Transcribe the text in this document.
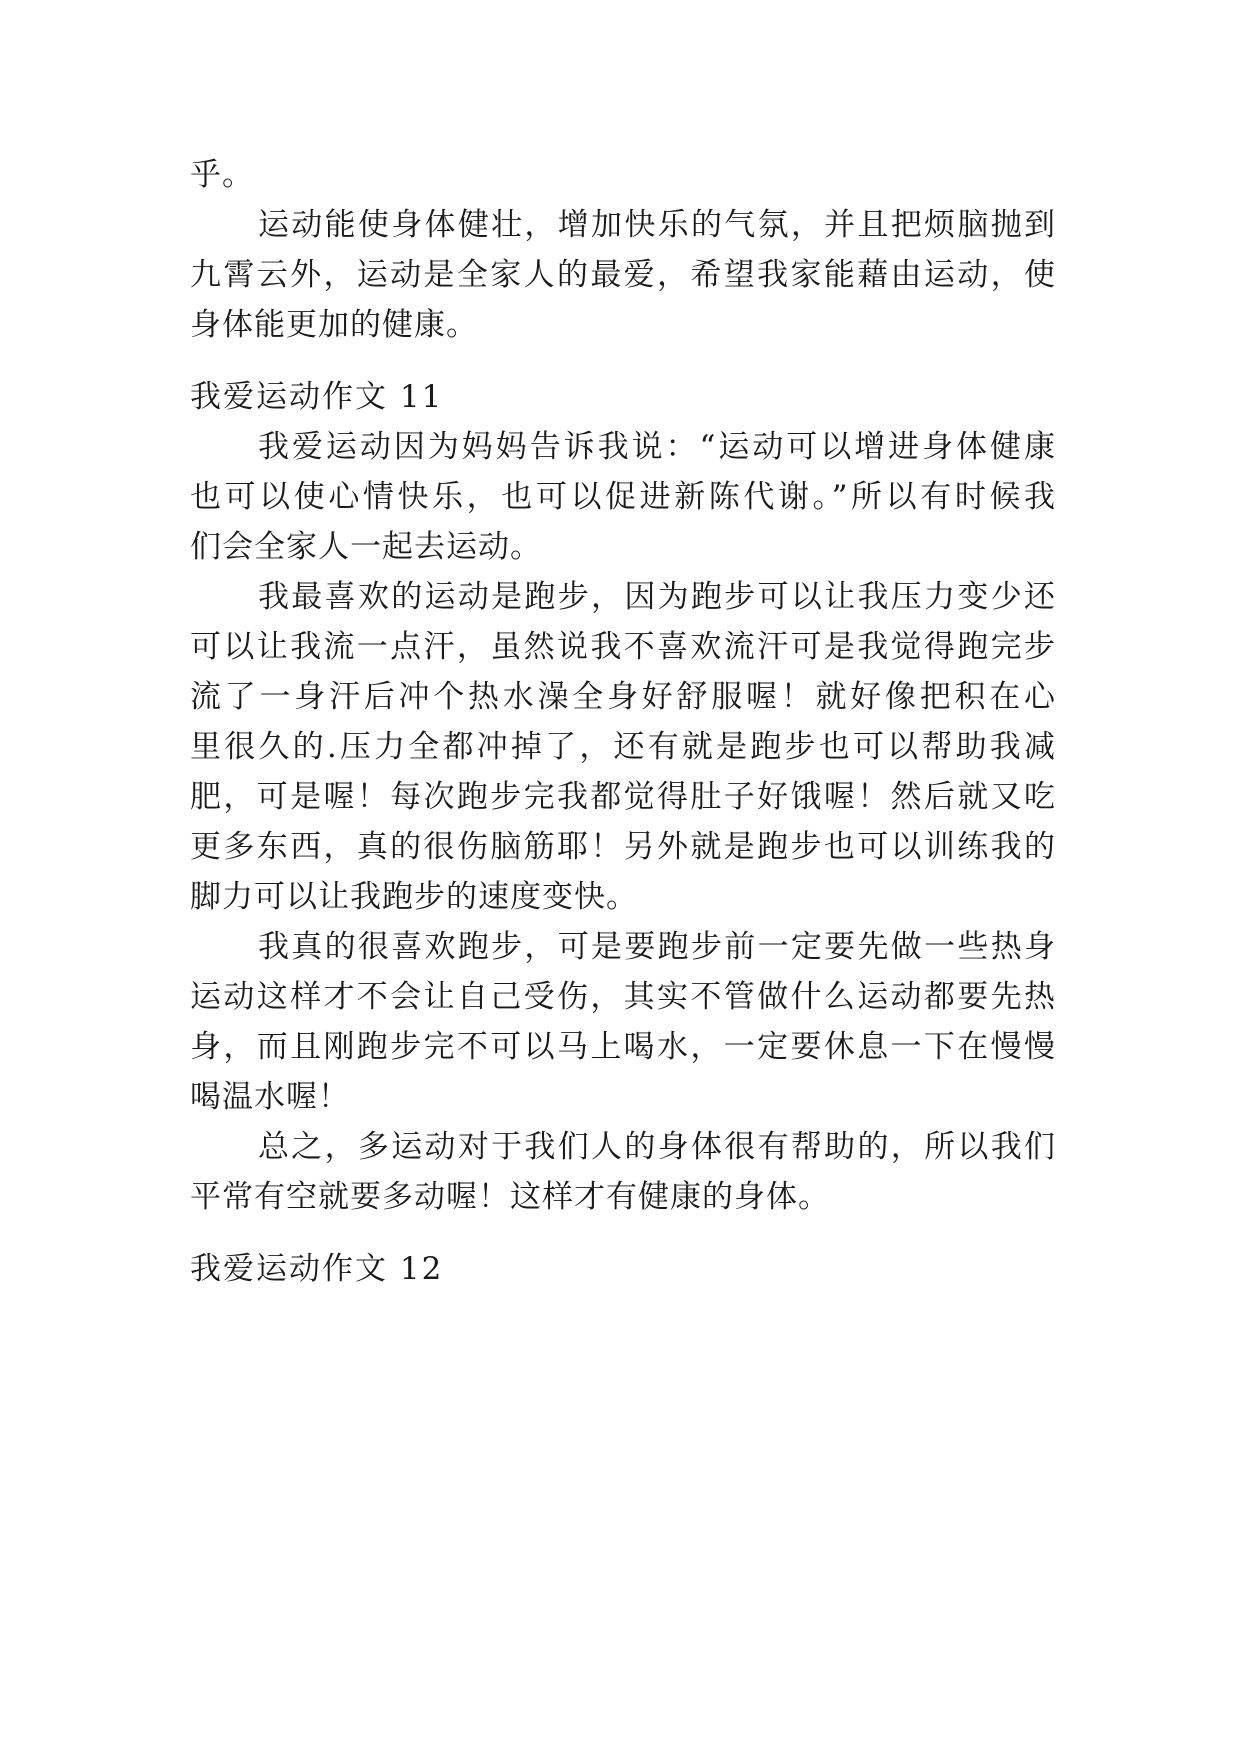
乎。
运动能使身体健壮，增加快乐的气氛，并且把烦脑抛到
九霄云外，运动是全家人的最爱，希望我家能藉由运动，使
身体能更加的健康。
我爱运动作文 11
我爱运动因为妈妈告诉我说：“运动可以增进身体健康
也可以使心情快乐，也可以促进新陈代谢。”所以有时候我
们会全家人一起去运动。
我最喜欢的运动是跑步，因为跑步可以让我压力变少还
可以让我流一点汗，虽然说我不喜欢流汗可是我觉得跑完步
流了一身汗后冲个热水澡全身好舒服喔！就好像把积在心
里很久的.压力全都冲掉了，还有就是跑步也可以帮助我减
肥，可是喔！每次跑步完我都觉得肚子好饿喔！然后就又吃
更多东西，真的很伤脑筋耶！另外就是跑步也可以训练我的
脚力可以让我跑步的速度变快。
我真的很喜欢跑步，可是要跑步前一定要先做一些热身
运动这样才不会让自己受伤，其实不管做什么运动都要先热
身，而且刚跑步完不可以马上喝水，一定要休息一下在慢慢
喝温水喔！
总之，多运动对于我们人的身体很有帮助的，所以我们
平常有空就要多动喔！这样才有健康的身体。
我爱运动作文 12
